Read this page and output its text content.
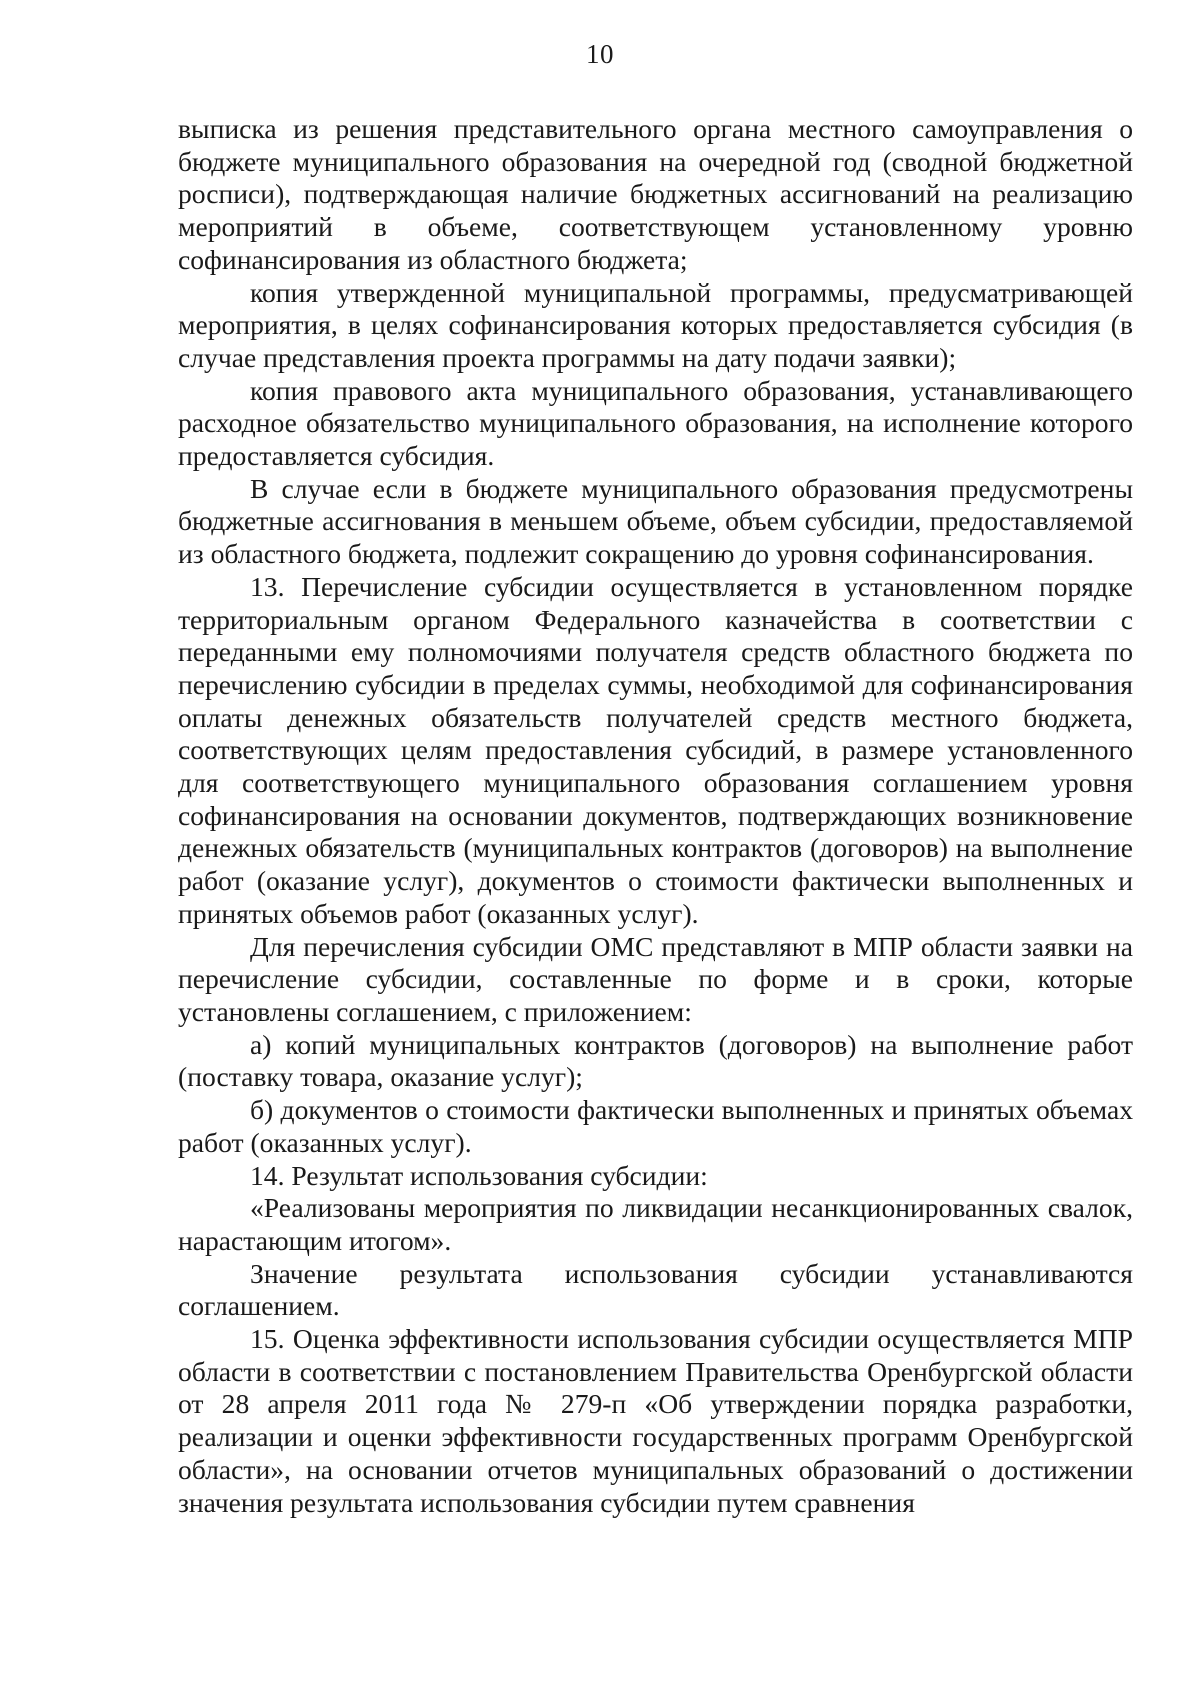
10

выписка из решения представительного органа местного самоуправления о бюджете муниципального образования на очередной год (сводной бюджетной росписи), подтверждающая наличие бюджетных ассигнований на реализацию мероприятий в объеме, соответствующем установленному уровню софинансирования из областного бюджета;

копия утвержденной муниципальной программы, предусматривающей мероприятия, в целях софинансирования которых предоставляется субсидия (в случае представления проекта программы на дату подачи заявки);

копия правового акта муниципального образования, устанавливающего расходное обязательство муниципального образования, на исполнение которого предоставляется субсидия.

В случае если в бюджете муниципального образования предусмотрены бюджетные ассигнования в меньшем объеме, объем субсидии, предоставляемой из областного бюджета, подлежит сокращению до уровня софинансирования.

13. Перечисление субсидии осуществляется в установленном порядке территориальным органом Федерального казначейства в соответствии с переданными ему полномочиями получателя средств областного бюджета по перечислению субсидии в пределах суммы, необходимой для софинансирования оплаты денежных обязательств получателей средств местного бюджета, соответствующих целям предоставления субсидий, в размере установленного для соответствующего муниципального образования соглашением уровня софинансирования на основании документов, подтверждающих возникновение денежных обязательств (муниципальных контрактов (договоров) на выполнение работ (оказание услуг), документов о стоимости фактически выполненных и принятых объемов работ (оказанных услуг).

Для перечисления субсидии ОМС представляют в МПР области заявки на перечисление субсидии, составленные по форме и в сроки, которые установлены соглашением, с приложением:

а) копий муниципальных контрактов (договоров) на выполнение работ (поставку товара, оказание услуг);

б) документов о стоимости фактически выполненных и принятых объемах работ (оказанных услуг).

14. Результат использования субсидии:

«Реализованы мероприятия по ликвидации несанкционированных свалок, нарастающим итогом».

Значение результата использования субсидии устанавливаются соглашением.

15. Оценка эффективности использования субсидии осуществляется МПР области в соответствии с постановлением Правительства Оренбургской области от 28 апреля 2011 года № 279-п «Об утверждении порядка разработки, реализации и оценки эффективности государственных программ Оренбургской области», на основании отчетов муниципальных образований о достижении значения результата использования субсидии путем сравнения
